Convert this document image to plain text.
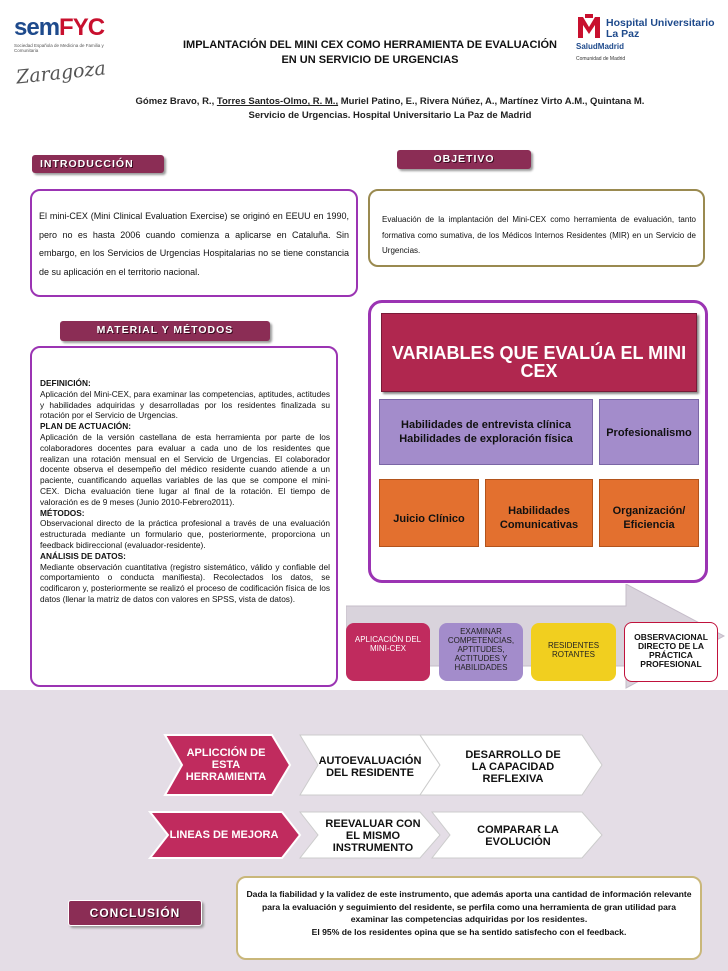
semFYC
Sociedad Española de Medicina de Familia y Comunitaria
Zaragoza
Hospital Universitario La Paz
SaludMadrid
Comunidad de Madrid
IMPLANTACIÓN DEL MINI CEX COMO HERRAMIENTA DE EVALUACIÓN
EN UN SERVICIO DE URGENCIAS
Gómez Bravo, R., Torres Santos-Olmo, R. M., Muriel Patino, E., Rivera Núñez, A., Martínez Virto A.M., Quintana M.
Servicio de Urgencias. Hospital Universitario La Paz de Madrid
INTRODUCCIÓN
El mini-CEX (Mini Clinical Evaluation Exercise) se originó en EEUU en 1990, pero no es hasta 2006 cuando comienza a aplicarse en Cataluña. Sin embargo, en los Servicios de Urgencias Hospitalarias no se tiene constancia de su aplicación en el territorio nacional.
OBJETIVO
Evaluación de la implantación del Mini-CEX como herramienta de evaluación, tanto formativa como sumativa, de los Médicos Internos Residentes (MIR) en un Servicio de Urgencias.
MATERIAL Y MÉTODOS
DEFINICIÓN:
Aplicación del Mini-CEX, para examinar las competencias, aptitudes, actitudes y habilidades adquiridas y desarrolladas por los residentes finalizada su rotación por el Servicio de Urgencias.
PLAN DE ACTUACIÓN:
Aplicación de la versión castellana de esta herramienta por parte de los colaboradores docentes para evaluar a cada uno de los residentes que realizan una rotación mensual en el Servicio de Urgencias. El colaborador docente observa el desempeño del médico residente cuando atiende a un paciente, cuantificando aquellas variables de las que se compone el mini-CEX. Dicha evaluación tiene lugar al final de la rotación. El tiempo de valoración es de 9 meses (Junio 2010-Febrero2011).
MÉTODOS:
Observacional directo de la práctica profesional a través de una evaluación estructurada mediante un formulario que, posteriormente, proporciona un feedback bidireccional (evaluador-residente).
ANÁLISIS DE DATOS:
Mediante observación cuantitativa (registro sistemático, válido y confiable del comportamiento o conducta manifiesta). Recolectados los datos, se codificaron y, posteriormente se realizó el proceso de codificación física de los datos (llenar la matriz de datos con valores en SPSS, vista de datos).
VARIABLES QUE EVALÚA EL MINI CEX
Habilidades de entrevista clínica
Habilidades de exploración física	Profesionalismo
Juicio Clínico
Habilidades Comunicativas
Organización/ Eficiencia
APLICACIÓN DEL MINI-CEX
EXAMINAR COMPETENCIAS, APTITUDES, ACTITUDES Y HABILIDADES
RESIDENTES ROTANTES
OBSERVACIONAL DIRECTO DE LA PRÁCTICA PROFESIONAL
APLICCIÓN DE ESTA HERRAMIENTA
AUTOEVALUACIÓN DEL RESIDENTE
DESARROLLO DE LA CAPACIDAD REFLEXIVA
LINEAS DE MEJORA
REEVALUAR CON EL MISMO INSTRUMENTO
COMPARAR LA EVOLUCIÓN
CONCLUSIÓN
Dada la fiabilidad y la validez de este instrumento, que además aporta una cantidad de información relevante para la evaluación y seguimiento del residente, se perfila como una herramienta de gran utilidad para examinar las competencias adquiridas por los residentes.
El 95% de los residentes opina que se ha sentido satisfecho con el feedback.
